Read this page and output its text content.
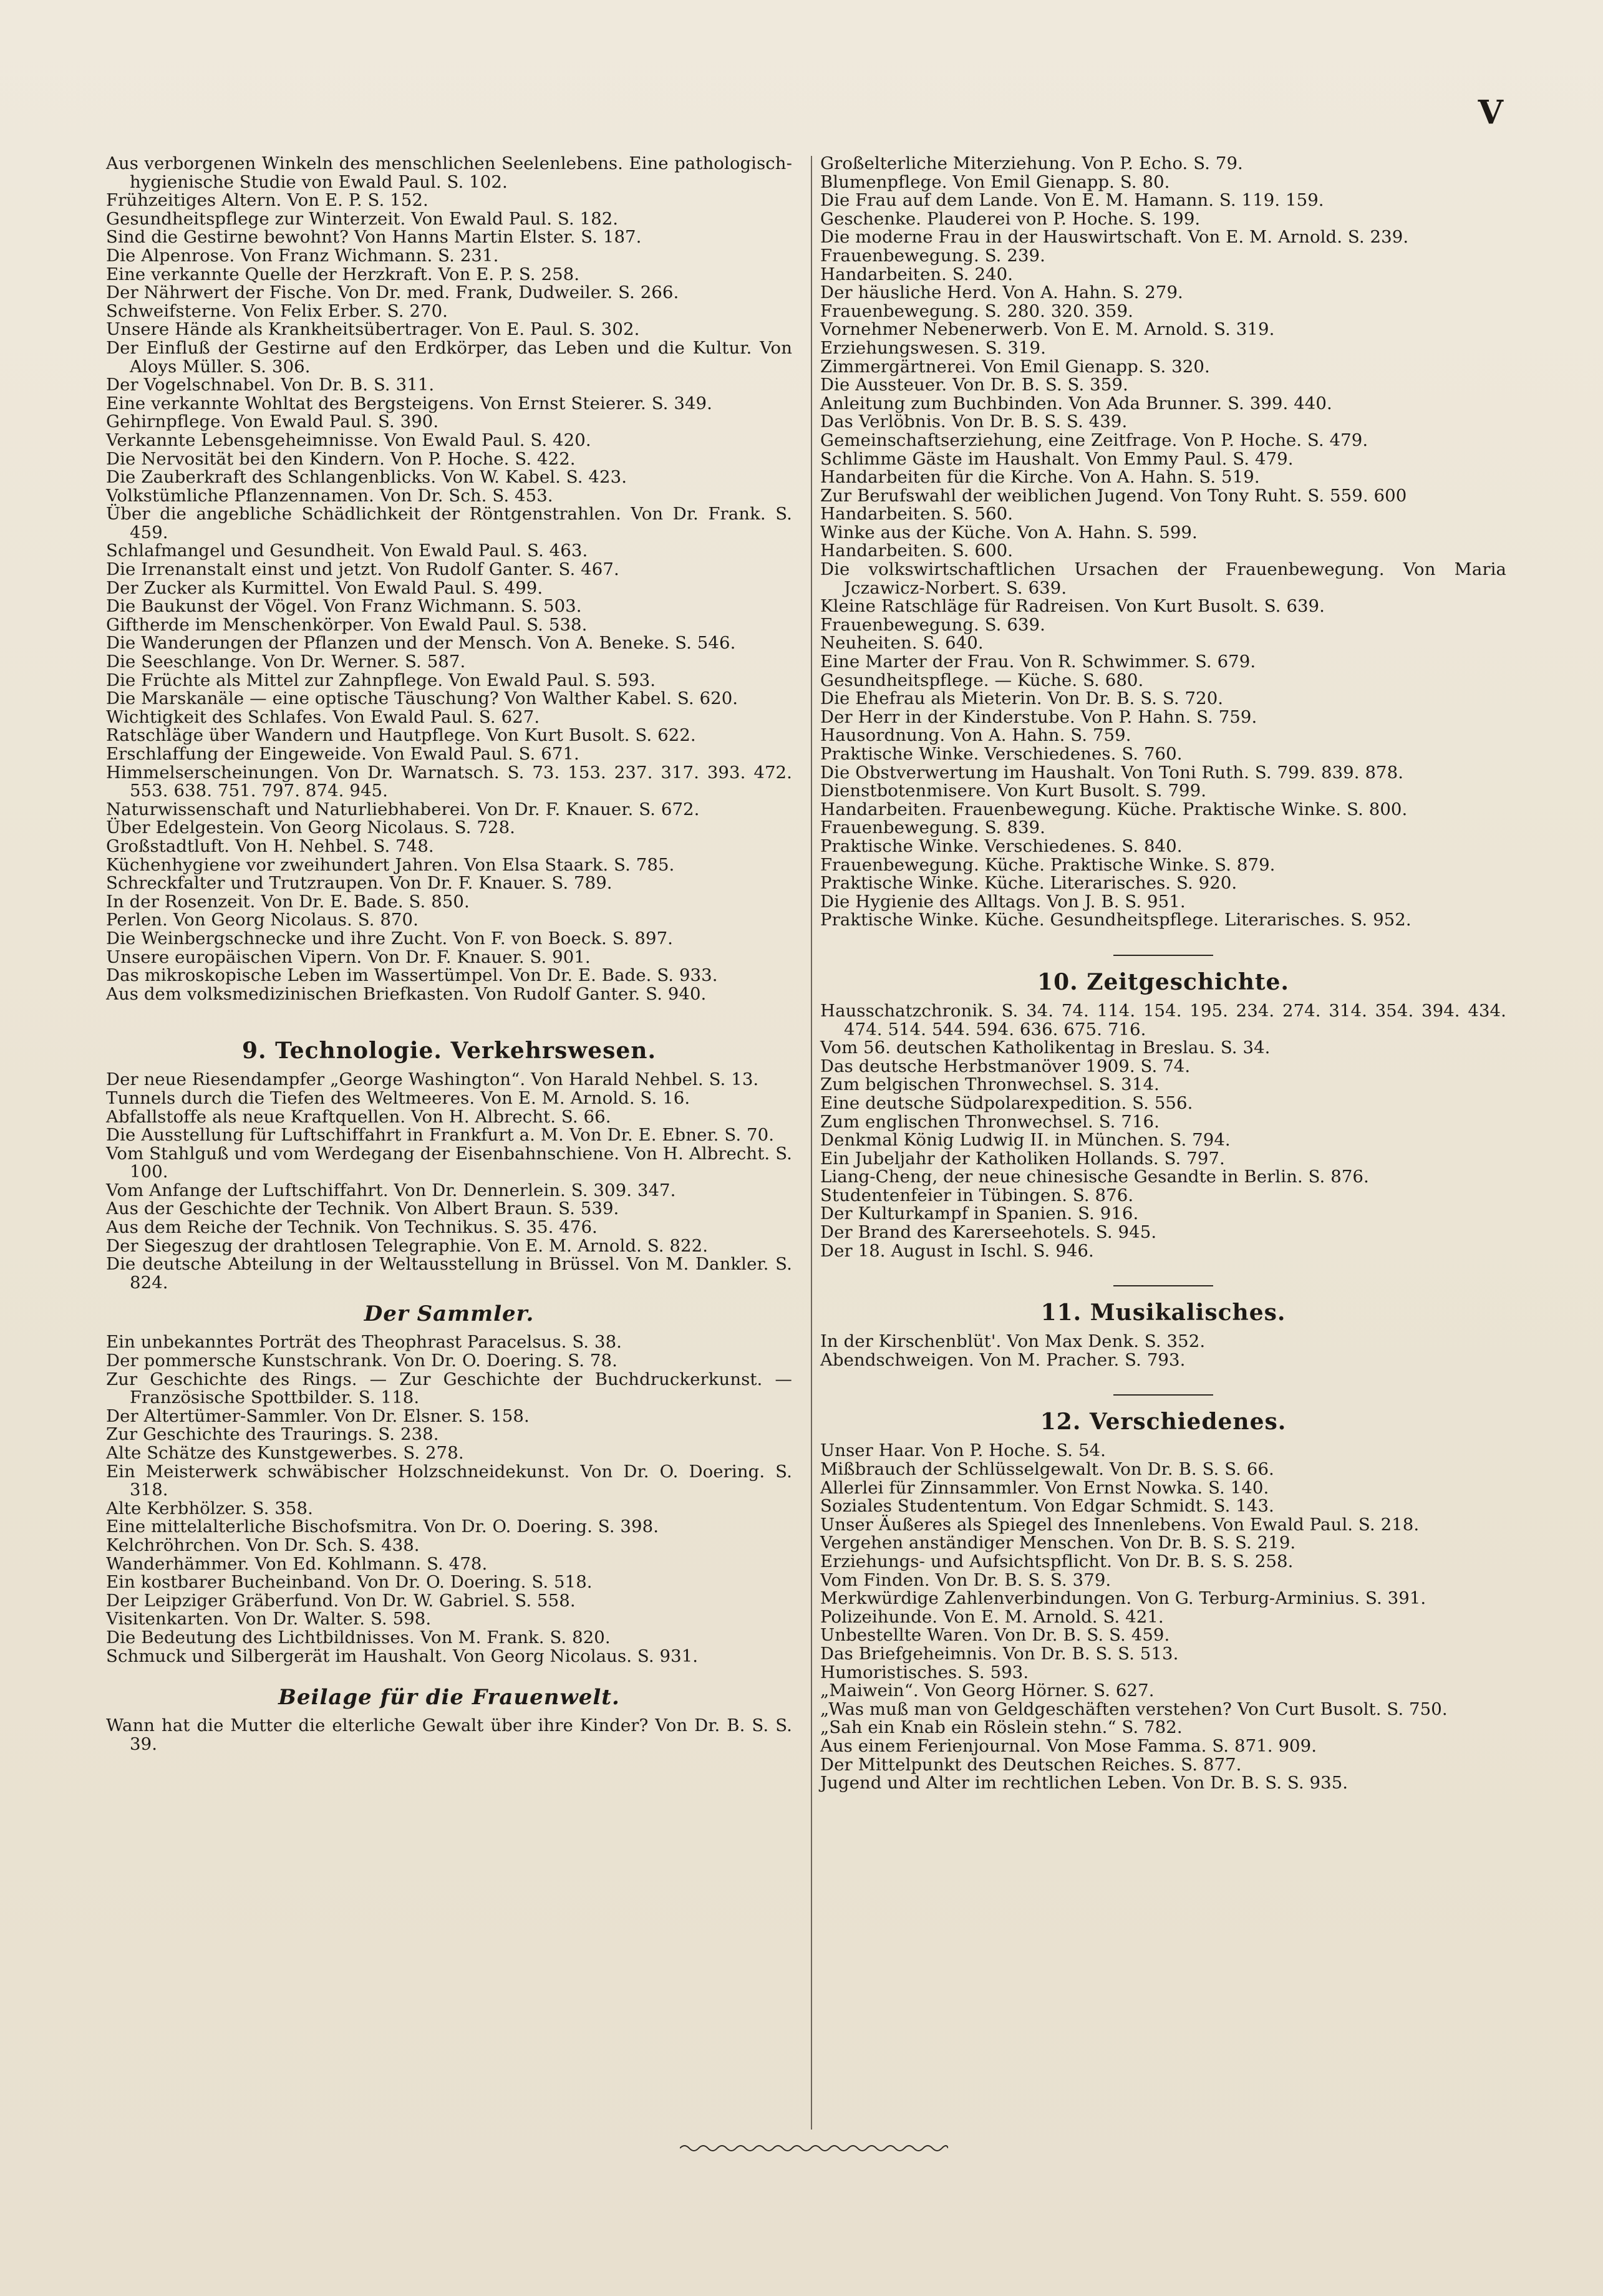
V

Aus verborgenen Winkeln des menschlichen Seelenlebens. Eine pathologisch-hygienische Studie von Ewald Paul. S. 102.

Frühzeitiges Altern. Von E. P. S. 152.

Gesundheitspflege zur Winterzeit. Von Ewald Paul. S. 182.

Sind die Gestirne bewohnt? Von Hanns Martin Elster. S. 187.

Die Alpenrose. Von Franz Wichmann. S. 231.

Eine verkannte Quelle der Herzkraft. Von E. P. S. 258.

Der Nährwert der Fische. Von Dr. med. Frank, Dudweiler. S. 266.

Schweifsterne. Von Felix Erber. S. 270.

Unsere Hände als Krankheitsübertrager. Von E. Paul. S. 302.

Der Einfluß der Gestirne auf den Erdkörper, das Leben und die Kultur. Von Aloys Müller. S. 306.

Der Vogelschnabel. Von Dr. B. S. 311.

Eine verkannte Wohltat des Bergsteigens. Von Ernst Steierer. S. 349.

Gehirnpflege. Von Ewald Paul. S. 390.

Verkannte Lebensgeheimnisse. Von Ewald Paul. S. 420.

Die Nervosität bei den Kindern. Von P. Hoche. S. 422.

Die Zauberkraft des Schlangenblicks. Von W. Kabel. S. 423.

Volkstümliche Pflanzennamen. Von Dr. Sch. S. 453.

Über die angebliche Schädlichkeit der Röntgenstrahlen. Von Dr. Frank. S. 459.

Schlafmangel und Gesundheit. Von Ewald Paul. S. 463.

Die Irrenanstalt einst und jetzt. Von Rudolf Ganter. S. 467.

Der Zucker als Kurmittel. Von Ewald Paul. S. 499.

Die Baukunst der Vögel. Von Franz Wichmann. S. 503.

Giftherde im Menschenkörper. Von Ewald Paul. S. 538.

Die Wanderungen der Pflanzen und der Mensch. Von A. Beneke. S. 546.

Die Seeschlange. Von Dr. Werner. S. 587.

Die Früchte als Mittel zur Zahnpflege. Von Ewald Paul. S. 593.

Die Marskanäle — eine optische Täuschung? Von Walther Kabel. S. 620.

Wichtigkeit des Schlafes. Von Ewald Paul. S. 627.

Ratschläge über Wandern und Hautpflege. Von Kurt Busolt. S. 622.

Erschlaffung der Eingeweide. Von Ewald Paul. S. 671.

Himmelserscheinungen. Von Dr. Warnatsch. S. 73. 153. 237. 317. 393. 472. 553. 638. 751. 797. 874. 945.

Naturwissenschaft und Naturliebhaberei. Von Dr. F. Knauer. S. 672.

Über Edelgestein. Von Georg Nicolaus. S. 728.

Großstadtluft. Von H. Nehbel. S. 748.

Küchenhygiene vor zweihundert Jahren. Von Elsa Staark. S. 785.

Schreckfalter und Trutzraupen. Von Dr. F. Knauer. S. 789.

In der Rosenzeit. Von Dr. E. Bade. S. 850.

Perlen. Von Georg Nicolaus. S. 870.

Die Weinbergschnecke und ihre Zucht. Von F. von Boeck. S. 897.

Unsere europäischen Vipern. Von Dr. F. Knauer. S. 901.

Das mikroskopische Leben im Wassertümpel. Von Dr. E. Bade. S. 933.

Aus dem volksmedizinischen Briefkasten. Von Rudolf Ganter. S. 940.

9. Technologie. Verkehrswesen.

Der neue Riesendampfer „George Washington“. Von Harald Nehbel. S. 13.

Tunnels durch die Tiefen des Weltmeeres. Von E. M. Arnold. S. 16.

Abfallstoffe als neue Kraftquellen. Von H. Albrecht. S. 66.

Die Ausstellung für Luftschiffahrt in Frankfurt a. M. Von Dr. E. Ebner. S. 70.

Vom Stahlguß und vom Werdegang der Eisenbahnschiene. Von H. Albrecht. S. 100.

Vom Anfange der Luftschiffahrt. Von Dr. Dennerlein. S. 309. 347.

Aus der Geschichte der Technik. Von Albert Braun. S. 539.

Aus dem Reiche der Technik. Von Technikus. S. 35. 476.

Der Siegeszug der drahtlosen Telegraphie. Von E. M. Arnold. S. 822.

Die deutsche Abteilung in der Weltausstellung in Brüssel. Von M. Dankler. S. 824.

Der Sammler.

Ein unbekanntes Porträt des Theophrast Paracelsus. S. 38.

Der pommersche Kunstschrank. Von Dr. O. Doering. S. 78.

Zur Geschichte des Rings. — Zur Geschichte der Buchdruckerkunst. — Französische Spottbilder. S. 118.

Der Altertümer-Sammler. Von Dr. Elsner. S. 158.

Zur Geschichte des Traurings. S. 238.

Alte Schätze des Kunstgewerbes. S. 278.

Ein Meisterwerk schwäbischer Holzschneidekunst. Von Dr. O. Doering. S. 318.

Alte Kerbhölzer. S. 358.

Eine mittelalterliche Bischofsmitra. Von Dr. O. Doering. S. 398.

Kelchröhrchen. Von Dr. Sch. S. 438.

Wanderhämmer. Von Ed. Kohlmann. S. 478.

Ein kostbarer Bucheinband. Von Dr. O. Doering. S. 518.

Der Leipziger Gräberfund. Von Dr. W. Gabriel. S. 558.

Visitenkarten. Von Dr. Walter. S. 598.

Die Bedeutung des Lichtbildnisses. Von M. Frank. S. 820.

Schmuck und Silbergerät im Haushalt. Von Georg Nicolaus. S. 931.

Beilage für die Frauenwelt.

Wann hat die Mutter die elterliche Gewalt über ihre Kinder? Von Dr. B. S. S. 39.

Großelterliche Miterziehung. Von P. Echo. S. 79.

Blumenpflege. Von Emil Gienapp. S. 80.

Die Frau auf dem Lande. Von E. M. Hamann. S. 119. 159.

Geschenke. Plauderei von P. Hoche. S. 199.

Die moderne Frau in der Hauswirtschaft. Von E. M. Arnold. S. 239.

Frauenbewegung. S. 239.

Handarbeiten. S. 240.

Der häusliche Herd. Von A. Hahn. S. 279.

Frauenbewegung. S. 280. 320. 359.

Vornehmer Nebenerwerb. Von E. M. Arnold. S. 319.

Erziehungswesen. S. 319.

Zimmergärtnerei. Von Emil Gienapp. S. 320.

Die Aussteuer. Von Dr. B. S. S. 359.

Anleitung zum Buchbinden. Von Ada Brunner. S. 399. 440.

Das Verlöbnis. Von Dr. B. S. S. 439.

Gemeinschaftserziehung, eine Zeitfrage. Von P. Hoche. S. 479.

Schlimme Gäste im Haushalt. Von Emmy Paul. S. 479.

Handarbeiten für die Kirche. Von A. Hahn. S. 519.

Zur Berufswahl der weiblichen Jugend. Von Tony Ruht. S. 559. 600

Handarbeiten. S. 560.

Winke aus der Küche. Von A. Hahn. S. 599.

Handarbeiten. S. 600.

Die volkswirtschaftlichen Ursachen der Frauenbewegung. Von Maria Jczawicz-Norbert. S. 639.

Kleine Ratschläge für Radreisen. Von Kurt Busolt. S. 639.

Frauenbewegung. S. 639.

Neuheiten. S. 640.

Eine Marter der Frau. Von R. Schwimmer. S. 679.

Gesundheitspflege. — Küche. S. 680.

Die Ehefrau als Mieterin. Von Dr. B. S. S. 720.

Der Herr in der Kinderstube. Von P. Hahn. S. 759.

Hausordnung. Von A. Hahn. S. 759.

Praktische Winke. Verschiedenes. S. 760.

Die Obstverwertung im Haushalt. Von Toni Ruth. S. 799. 839. 878.

Dienstbotenmisere. Von Kurt Busolt. S. 799.

Handarbeiten. Frauenbewegung. Küche. Praktische Winke. S. 800.

Frauenbewegung. S. 839.

Praktische Winke. Verschiedenes. S. 840.

Frauenbewegung. Küche. Praktische Winke. S. 879.

Praktische Winke. Küche. Literarisches. S. 920.

Die Hygienie des Alltags. Von J. B. S. 951.

Praktische Winke. Küche. Gesundheitspflege. Literarisches. S. 952.

10. Zeitgeschichte.

Hausschatzchronik. S. 34. 74. 114. 154. 195. 234. 274. 314. 354. 394. 434. 474. 514. 544. 594. 636. 675. 716.

Vom 56. deutschen Katholikentag in Breslau. S. 34.

Das deutsche Herbstmanöver 1909. S. 74.

Zum belgischen Thronwechsel. S. 314.

Eine deutsche Südpolarexpedition. S. 556.

Zum englischen Thronwechsel. S. 716.

Denkmal König Ludwig II. in München. S. 794.

Ein Jubeljahr der Katholiken Hollands. S. 797.

Liang-Cheng, der neue chinesische Gesandte in Berlin. S. 876.

Studentenfeier in Tübingen. S. 876.

Der Kulturkampf in Spanien. S. 916.

Der Brand des Karerseehotels. S. 945.

Der 18. August in Ischl. S. 946.

11. Musikalisches.

In der Kirschenblüt'. Von Max Denk. S. 352.

Abendschweigen. Von M. Pracher. S. 793.

12. Verschiedenes.

Unser Haar. Von P. Hoche. S. 54.

Mißbrauch der Schlüsselgewalt. Von Dr. B. S. S. 66.

Allerlei für Zinnsammler. Von Ernst Nowka. S. 140.

Soziales Studententum. Von Edgar Schmidt. S. 143.

Unser Äußeres als Spiegel des Innenlebens. Von Ewald Paul. S. 218.

Vergehen anständiger Menschen. Von Dr. B. S. S. 219.

Erziehungs- und Aufsichtspflicht. Von Dr. B. S. S. 258.

Vom Finden. Von Dr. B. S. S. 379.

Merkwürdige Zahlenverbindungen. Von G. Terburg-Arminius. S. 391.

Polizeihunde. Von E. M. Arnold. S. 421.

Unbestellte Waren. Von Dr. B. S. S. 459.

Das Briefgeheimnis. Von Dr. B. S. S. 513.

Humoristisches. S. 593.

„Maiwein“. Von Georg Hörner. S. 627.

„Was muß man von Geldgeschäften verstehen? Von Curt Busolt. S. 750.

„Sah ein Knab ein Röslein stehn.“ S. 782.

Aus einem Ferienjournal. Von Mose Famma. S. 871. 909.

Der Mittelpunkt des Deutschen Reiches. S. 877.

Jugend und Alter im rechtlichen Leben. Von Dr. B. S. S. 935.
